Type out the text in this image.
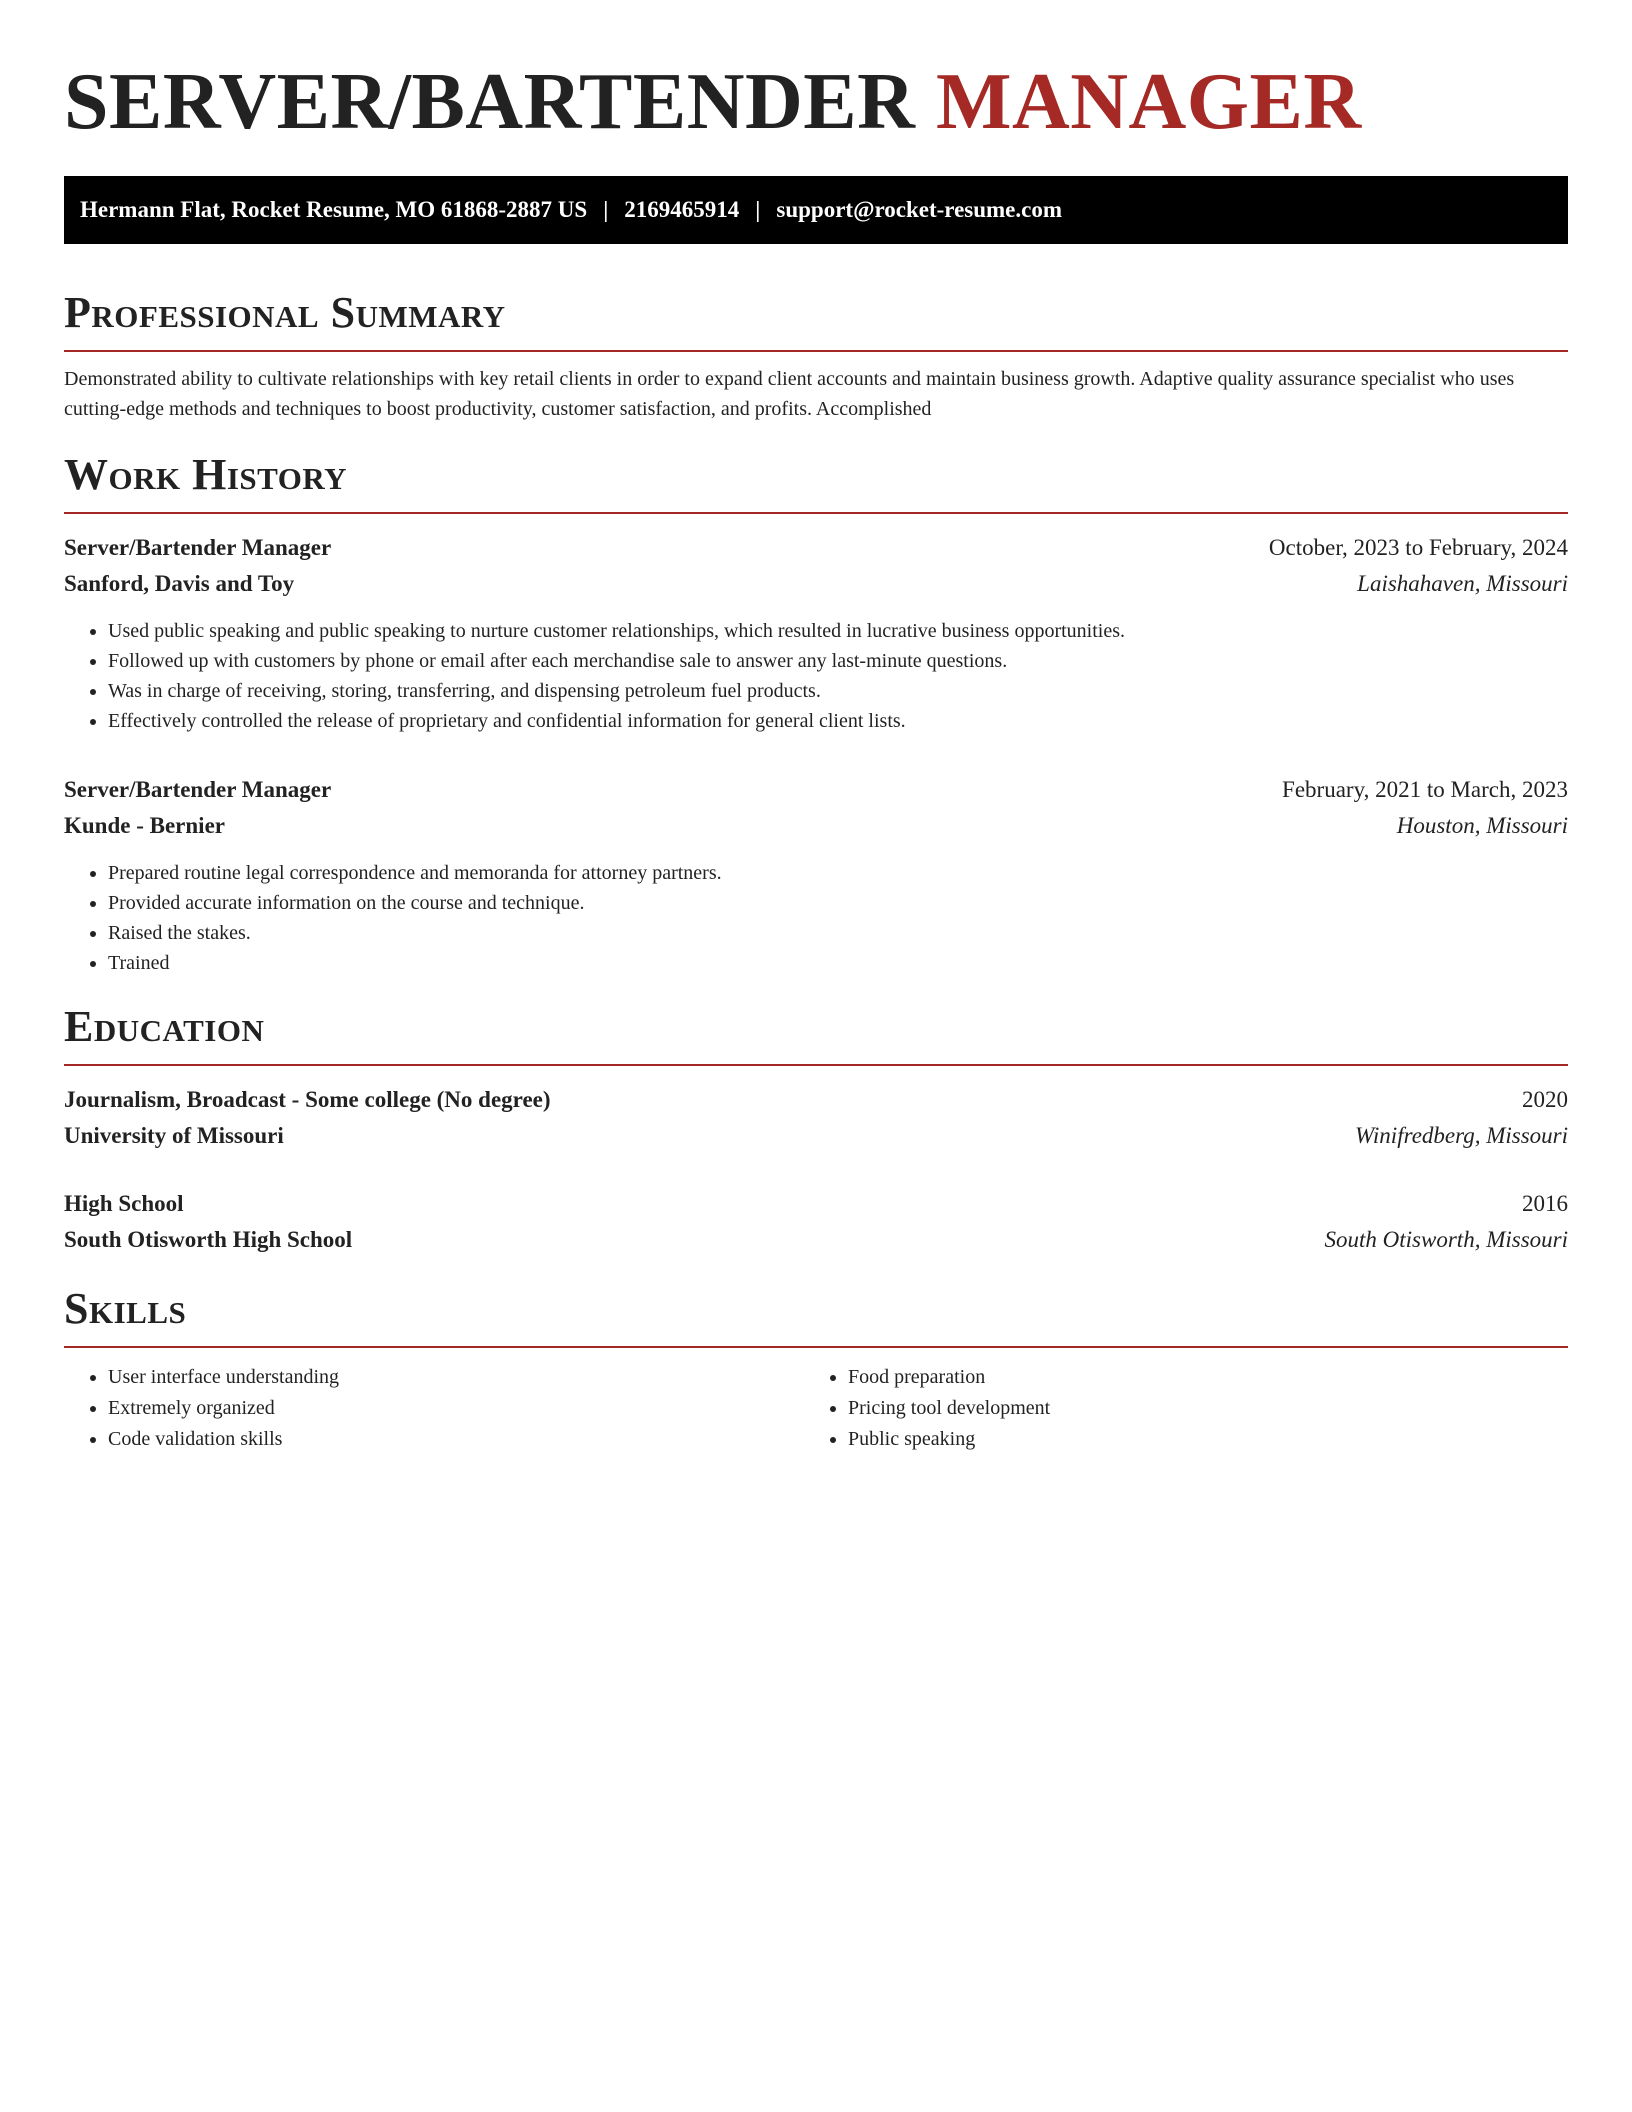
SERVER/BARTENDER MANAGER
Hermann Flat, Rocket Resume, MO 61868-2887 US | 2169465914 | support@rocket-resume.com
Professional Summary

Demonstrated ability to cultivate relationships with key retail clients in order to expand client accounts and maintain business growth. Adaptive quality assurance specialist who uses cutting-edge methods and techniques to boost productivity, customer satisfaction, and profits. Accomplished

Work History
Server/Bartender Manager	October, 2023 to February, 2024
Sanford, Davis and Toy	Laishahaven, Missouri
• Used public speaking and public speaking to nurture customer relationships, which resulted in lucrative business opportunities.
• Followed up with customers by phone or email after each merchandise sale to answer any last-minute questions.
• Was in charge of receiving, storing, transferring, and dispensing petroleum fuel products.
• Effectively controlled the release of proprietary and confidential information for general client lists.
Server/Bartender Manager	February, 2021 to March, 2023
Kunde - Bernier	Houston, Missouri
• Prepared routine legal correspondence and memoranda for attorney partners.
• Provided accurate information on the course and technique.
• Raised the stakes.
• Trained
Education
Journalism, Broadcast - Some college (No degree)	2020
University of Missouri	Winifredberg, Missouri
High School	2016
South Otisworth High School	South Otisworth, Missouri
Skills
• User interface understanding
• Extremely organized
• Code validation skills
• Food preparation
• Pricing tool development
• Public speaking
